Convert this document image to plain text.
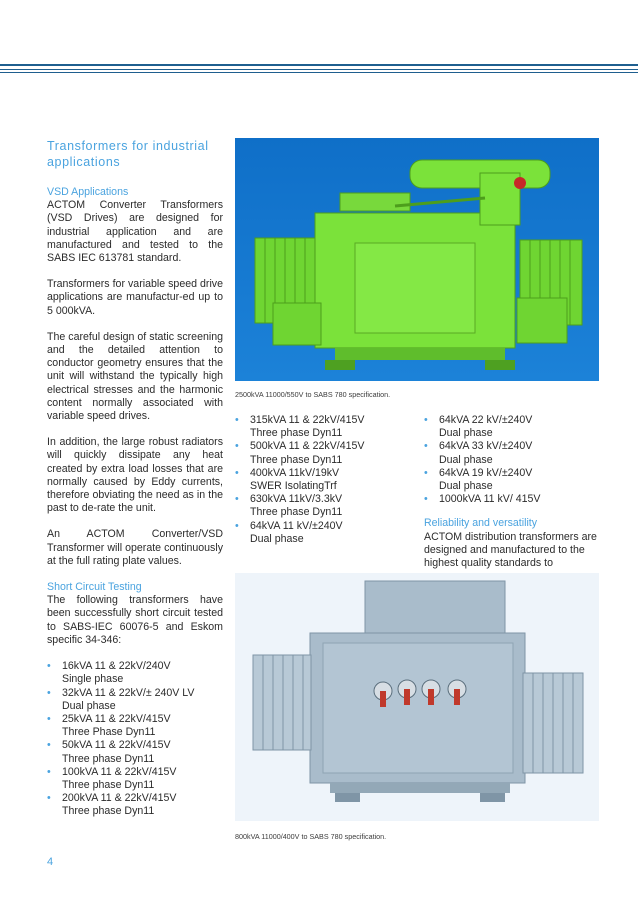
Transformers for industrial applications
VSD Applications

ACTOM Converter Transformers (VSD Drives) are designed for industrial application and are manufactured and tested to the SABS IEC 613781 standard.

Transformers for variable speed drive applications are manufactur-ed up to 5 000kVA.

The careful design of static screening and the detailed attention to conductor geometry ensures that the unit will withstand the typically high electrical stresses and the harmonic content normally associated with variable speed drives.

In addition, the large robust radiators will quickly dissipate any heat created by extra load losses that are normally caused by Eddy currents, therefore obviating the need as in the past to de-rate the unit.

An ACTOM Converter/VSD Transformer will operate continuously at the full rating plate values.

Short Circuit Testing

The following transformers have been successfully short circuit tested to SABS-IEC 60076-5 and Eskom specific 34-346:

• 16kVA 11 & 22kV/240V
Single phase
• 32kVA 11 & 22kV/± 240V LV
Dual phase
• 25kVA 11 & 22kV/415V
Three Phase Dyn11
• 50kVA 11 & 22kV/415V
Three phase Dyn11
• 100kVA 11 & 22kV/415V
Three phase Dyn11
• 200kVA 11 & 22kV/415V
Three phase Dyn11
2500kVA 11000/550V to SABS 780 specification.
• 315kVA 11 & 22kV/415V
Three phase Dyn11
• 500kVA 11 & 22kV/415V
Three phase Dyn11
• 400kVA 11kV/19kV
SWER IsolatingTrf
• 630kVA 11kV/3.3kV
Three phase Dyn11
• 64kVA 11 kV/±240V
Dual phase
• 64kVA 22 kV/±240V
Dual phase
• 64kVA 33 kV/±240V
Dual phase
• 64kVA 19 kV/±240V
Dual phase
• 1000kVA 11 kV/ 415V
Reliability and versatility

ACTOM distribution transformers are designed and manufactured to the highest quality standards to

800kVA 11000/400V to SABS 780 specification.
4
